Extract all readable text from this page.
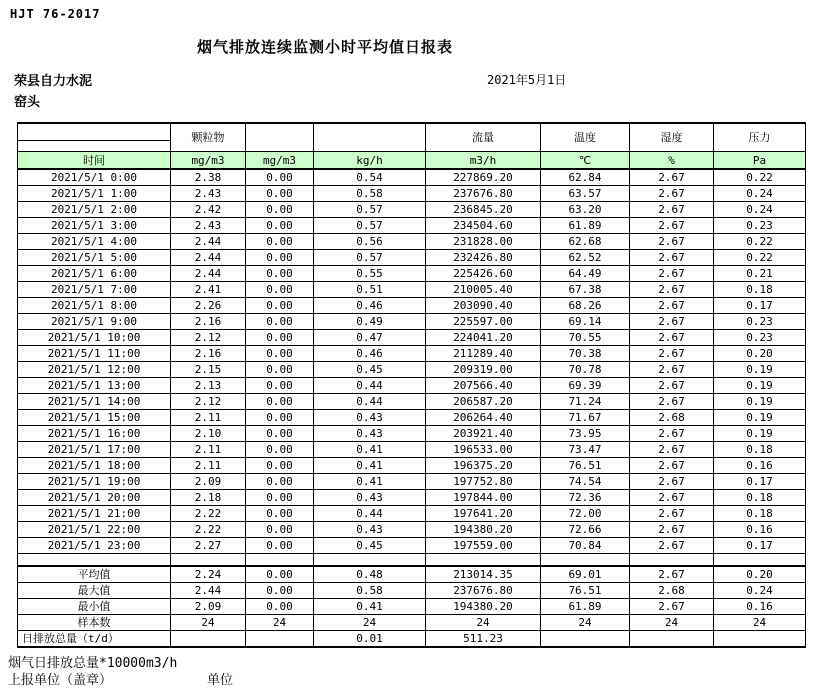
HJT 76-2017
烟气排放连续监测小时平均值日报表
荣县自力水泥	2021年5月1日
窑头
	颗粒物			流量	温度	湿度	压力

时间	mg/m3	mg/m3	kg/h	m3/h	℃	%	Pa
2021/5/1 0:00	2.38	0.00	0.54	227869.20	62.84	2.67	0.22
2021/5/1 1:00	2.43	0.00	0.58	237676.80	63.57	2.67	0.24
2021/5/1 2:00	2.42	0.00	0.57	236845.20	63.20	2.67	0.24
2021/5/1 3:00	2.43	0.00	0.57	234504.60	61.89	2.67	0.23
2021/5/1 4:00	2.44	0.00	0.56	231828.00	62.68	2.67	0.22
2021/5/1 5:00	2.44	0.00	0.57	232426.80	62.52	2.67	0.22
2021/5/1 6:00	2.44	0.00	0.55	225426.60	64.49	2.67	0.21
2021/5/1 7:00	2.41	0.00	0.51	210005.40	67.38	2.67	0.18
2021/5/1 8:00	2.26	0.00	0.46	203090.40	68.26	2.67	0.17
2021/5/1 9:00	2.16	0.00	0.49	225597.00	69.14	2.67	0.23
2021/5/1 10:00	2.12	0.00	0.47	224041.20	70.55	2.67	0.23
2021/5/1 11:00	2.16	0.00	0.46	211289.40	70.38	2.67	0.20
2021/5/1 12:00	2.15	0.00	0.45	209319.00	70.78	2.67	0.19
2021/5/1 13:00	2.13	0.00	0.44	207566.40	69.39	2.67	0.19
2021/5/1 14:00	2.12	0.00	0.44	206587.20	71.24	2.67	0.19
2021/5/1 15:00	2.11	0.00	0.43	206264.40	71.67	2.68	0.19
2021/5/1 16:00	2.10	0.00	0.43	203921.40	73.95	2.67	0.19
2021/5/1 17:00	2.11	0.00	0.41	196533.00	73.47	2.67	0.18
2021/5/1 18:00	2.11	0.00	0.41	196375.20	76.51	2.67	0.16
2021/5/1 19:00	2.09	0.00	0.41	197752.80	74.54	2.67	0.17
2021/5/1 20:00	2.18	0.00	0.43	197844.00	72.36	2.67	0.18
2021/5/1 21:00	2.22	0.00	0.44	197641.20	72.00	2.67	0.18
2021/5/1 22:00	2.22	0.00	0.43	194380.20	72.66	2.67	0.16
2021/5/1 23:00	2.27	0.00	0.45	197559.00	70.84	2.67	0.17

平均值	2.24	0.00	0.48	213014.35	69.01	2.67	0.20
最大值	2.44	0.00	0.58	237676.80	76.51	2.68	0.24
最小值	2.09	0.00	0.41	194380.20	61.89	2.67	0.16
样本数	24	24	24	24	24	24	24
日排放总量（t/d）			0.01	511.23			
烟气日排放总量*10000m3/h
上报单位（盖章）	单位
